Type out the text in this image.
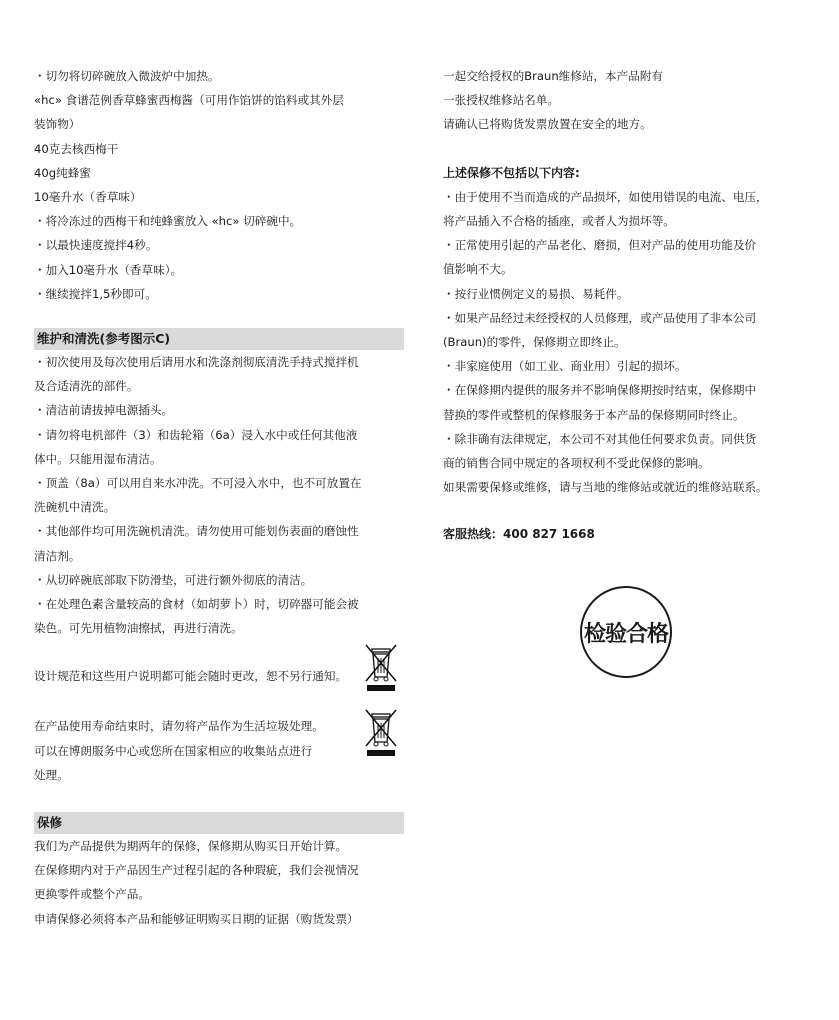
・切勿将切碎碗放入微波炉中加热。
«hc» 食谱范例香草蜂蜜西梅酱（可用作馅饼的馅料或其外层
装饰物）
40克去核西梅干
40g纯蜂蜜
10毫升水（香草味）
・将冷冻过的西梅干和纯蜂蜜放入 «hc» 切碎碗中。
・以最快速度搅拌4秒。
・加入10毫升水（香草味）。
・继续搅拌1,5秒即可。
维护和清洗(参考图示C)
・初次使用及每次使用后请用水和洗涤剂彻底清洗手持式搅拌机
及合适清洗的部件。
・清洁前请拔掉电源插头。
・请勿将电机部件（3）和齿轮箱（6a）浸入水中或任何其他液
体中。只能用湿布清洁。
・顶盖（8a）可以用自来水冲洗。不可浸入水中，也不可放置在
洗碗机中清洗。
・其他部件均可用洗碗机清洗。请勿使用可能划伤表面的磨蚀性
清洁剂。
・从切碎碗底部取下防滑垫，可进行额外彻底的清洁。
・在处理色素含量较高的食材（如胡萝卜）时，切碎器可能会被
染色。可先用植物油擦拭，再进行清洗。
设计规范和这些用户说明都可能会随时更改，恕不另行通知。
在产品使用寿命结束时，请勿将产品作为生活垃圾处理。
可以在博朗服务中心或您所在国家相应的收集站点进行
处理。
保修
我们为产品提供为期两年的保修，保修期从购买日开始计算。
在保修期内对于产品因生产过程引起的各种瑕疵，我们会视情况
更换零件或整个产品。
申请保修必须将本产品和能够证明购买日期的证据（购货发票）
一起交给授权的Braun维修站，本产品附有
一张授权维修站名单。
请确认已将购货发票放置在安全的地方。
上述保修不包括以下内容:
・由于使用不当而造成的产品损坏，如使用错误的电流、电压，
将产品插入不合格的插座，或者人为损坏等。
・正常使用引起的产品老化、磨损，但对产品的使用功能及价
值影响不大。
・按行业惯例定义的易损、易耗件。
・如果产品经过未经授权的人员修理，或产品使用了非本公司
(Braun)的零件，保修期立即终止。
・非家庭使用（如工业、商业用）引起的损坏。
・在保修期内提供的服务并不影响保修期按时结束，保修期中
替换的零件或整机的保修服务于本产品的保修期同时终止。
・除非确有法律规定，本公司不对其他任何要求负责。同供货
商的销售合同中规定的各项权利不受此保修的影响。
如果需要保修或维修，请与当地的维修站或就近的维修站联系。
客服热线：400 827 1668
检验合格
